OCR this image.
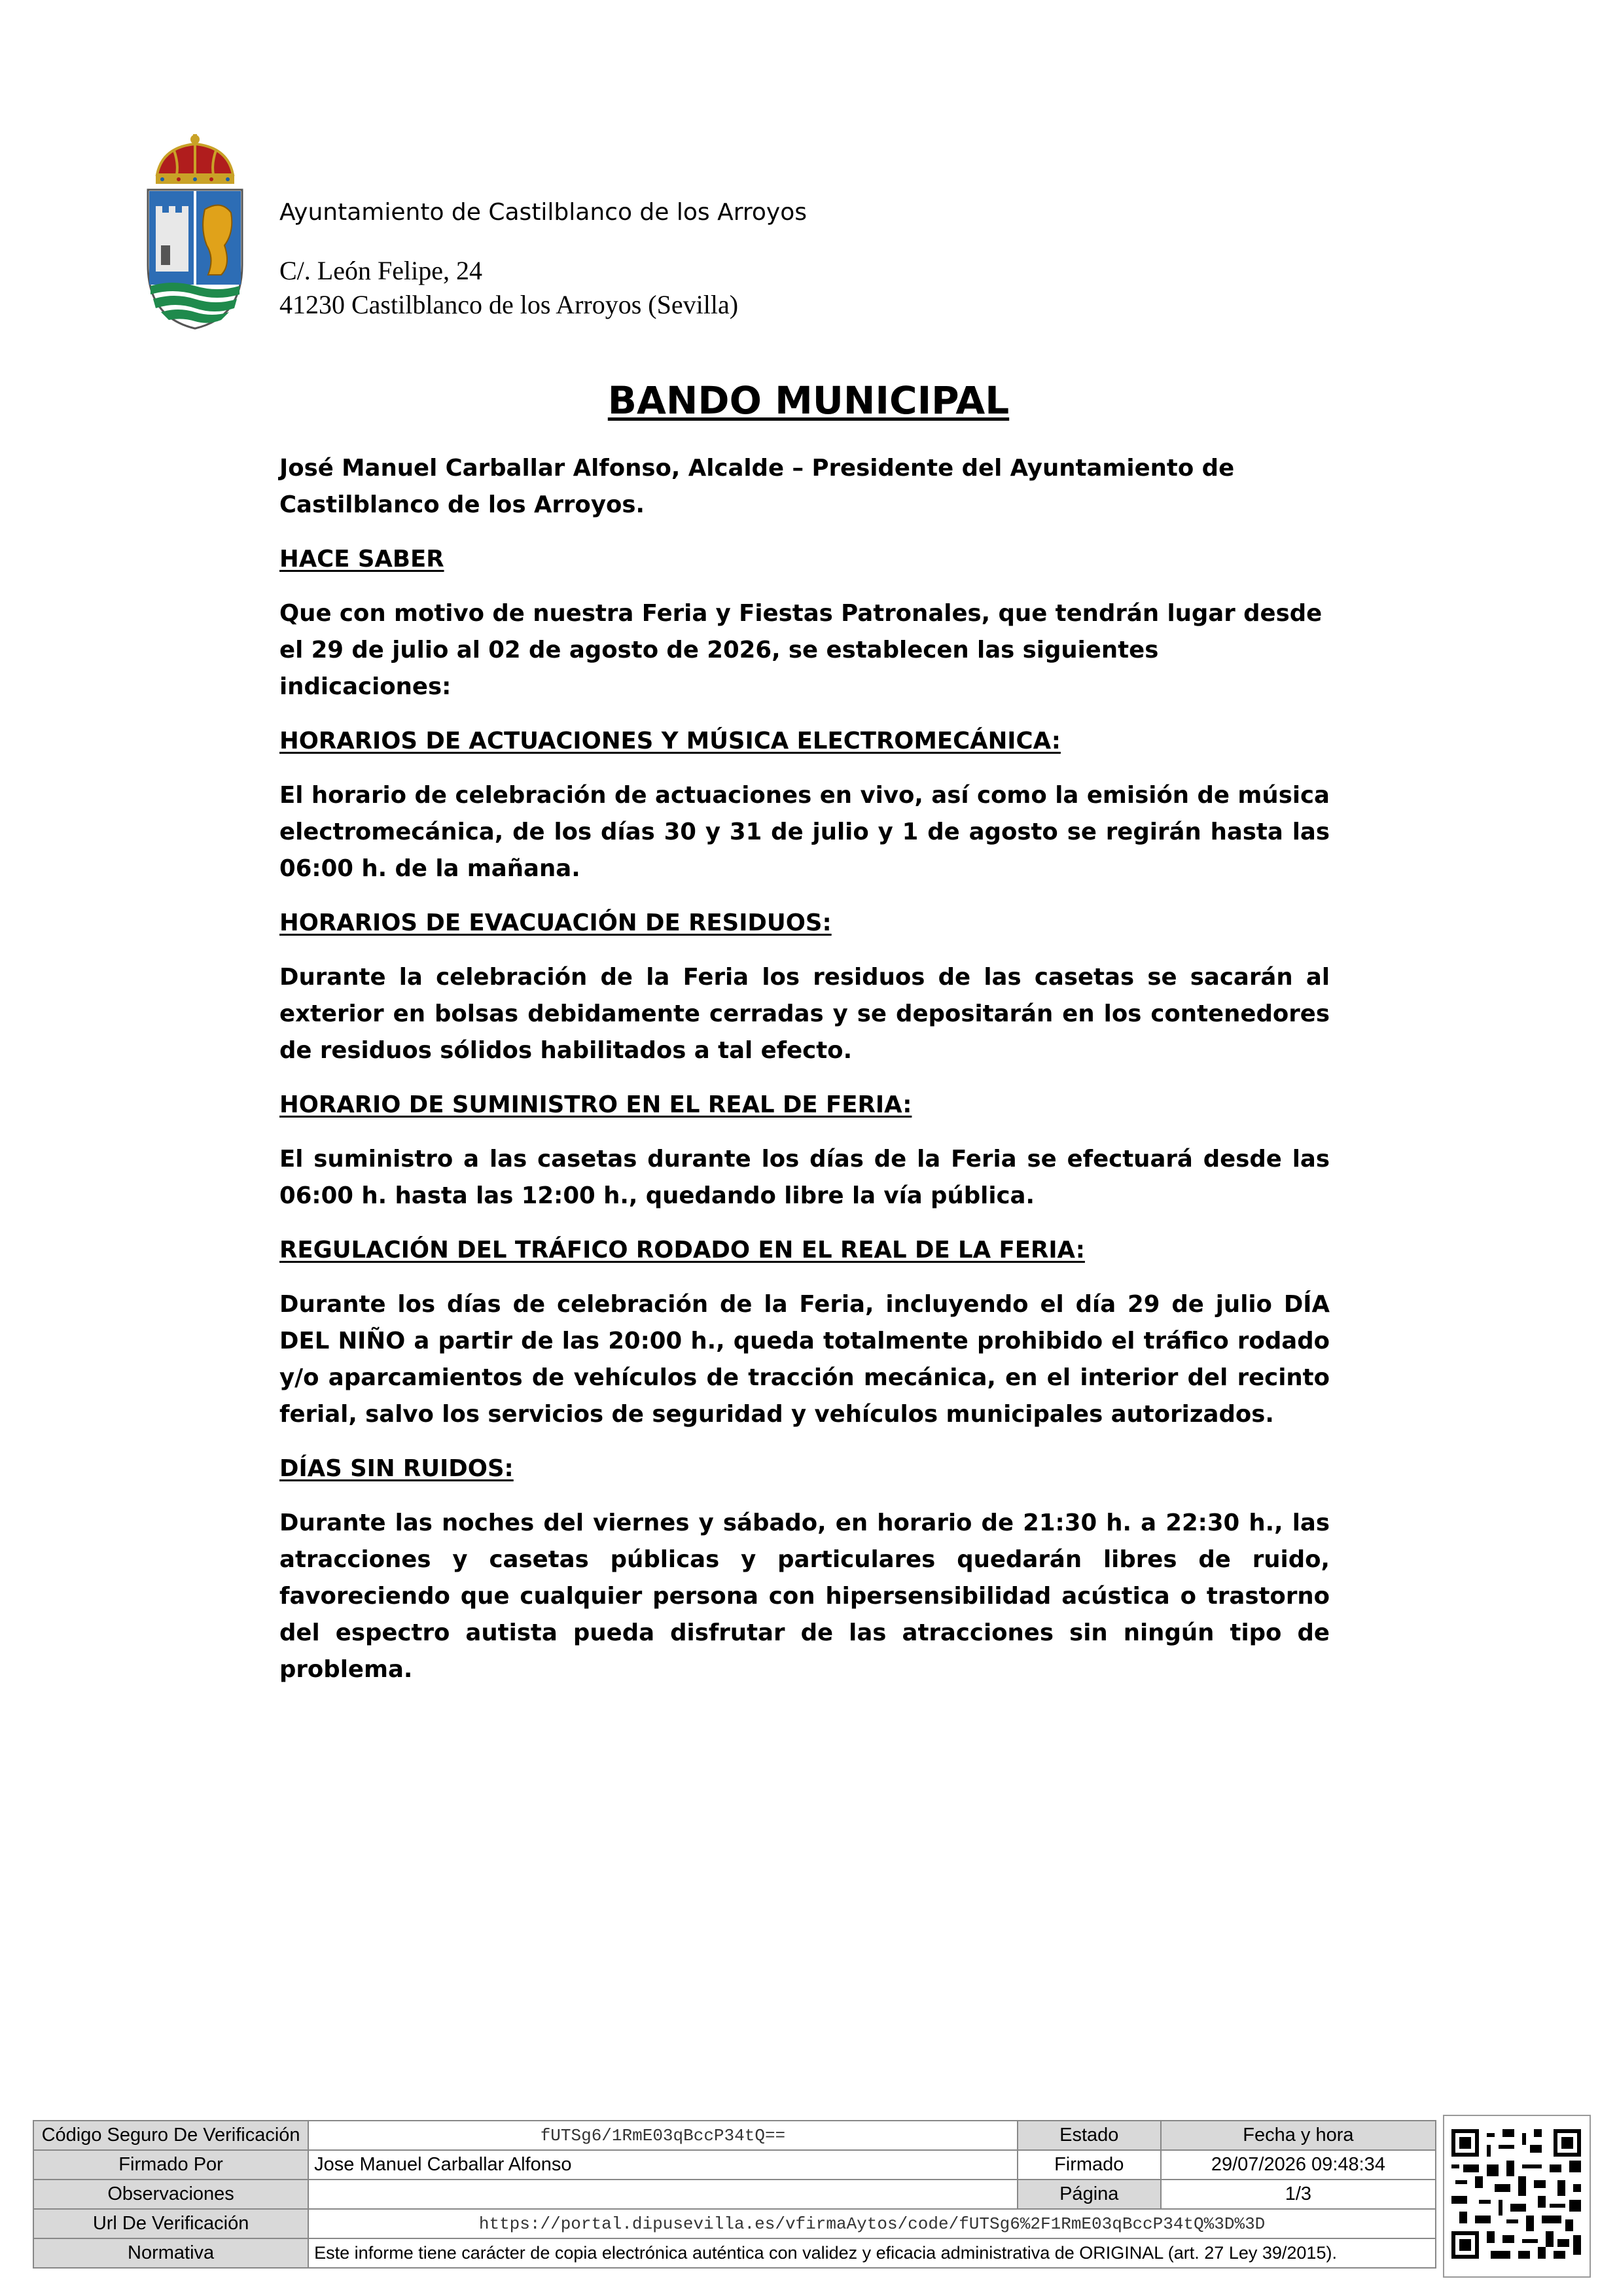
Ayuntamiento de Castilblanco de los Arroyos
C/. León Felipe, 24
41230 Castilblanco de los Arroyos (Sevilla)
BANDO MUNICIPAL

José Manuel Carballar Alfonso, Alcalde – Presidente del Ayuntamiento de Castilblanco de los Arroyos.

HACE SABER

Que con motivo de nuestra Feria y Fiestas Patronales, que tendrán lugar desde el 29 de julio al 02 de agosto de 2026, se establecen las siguientes indicaciones:

HORARIOS DE ACTUACIONES Y MÚSICA ELECTROMECÁNICA:

El horario de celebración de actuaciones en vivo, así como la emisión de música electromecánica, de los días 30 y 31 de julio y 1 de agosto se regirán hasta las 06:00 h. de la mañana.

HORARIOS DE EVACUACIÓN DE RESIDUOS:

Durante la celebración de la Feria los residuos de las casetas se sacarán al exterior en bolsas debidamente cerradas y se depositarán en los contenedores de residuos sólidos habilitados a tal efecto.

HORARIO DE SUMINISTRO EN EL REAL DE FERIA:

El suministro a las casetas durante los días de la Feria se efectuará desde las 06:00 h. hasta las 12:00 h., quedando libre la vía pública.

REGULACIÓN DEL TRÁFICO RODADO EN EL REAL DE LA FERIA:

Durante los días de celebración de la Feria, incluyendo el día 29 de julio DÍA DEL NIÑO a partir de las 20:00 h., queda totalmente prohibido el tráfico rodado y/o aparcamientos de vehículos de tracción mecánica, en el interior del recinto ferial, salvo los servicios de seguridad y vehículos municipales autorizados.

DÍAS SIN RUIDOS:

Durante las noches del viernes y sábado, en horario de 21:30 h. a 22:30 h., las atracciones y casetas públicas y particulares quedarán libres de ruido, favoreciendo que cualquier persona con hipersensibilidad acústica o trastorno del espectro autista pueda disfrutar de las atracciones sin ningún tipo de problema.

Código Seguro De Verificación	fUTSg6/1RmE03qBccP34tQ==	Estado	Fecha y hora
Firmado Por	Jose Manuel Carballar Alfonso	Firmado	29/07/2026 09:48:34
Observaciones		Página	1/3
Url De Verificación	https://portal.dipusevilla.es/vfirmaAytos/code/fUTSg6%2F1RmE03qBccP34tQ%3D%3D		
Normativa	Este informe tiene carácter de copia electrónica auténtica con validez y eficacia administrativa de ORIGINAL (art. 27 Ley 39/2015).		
